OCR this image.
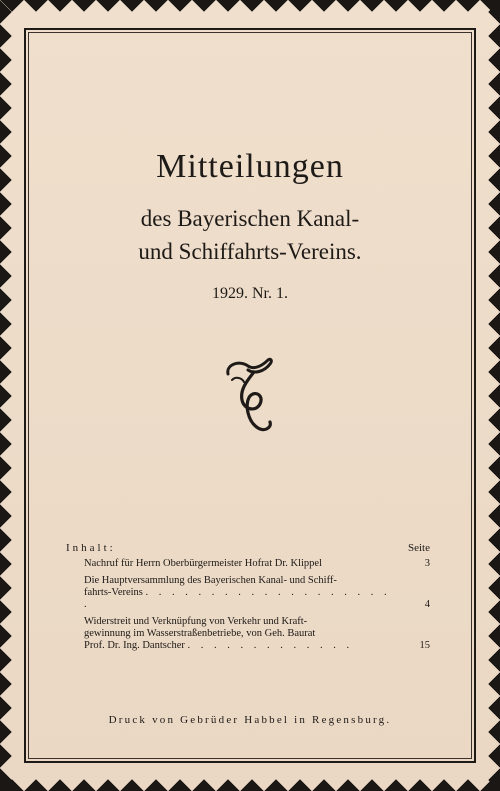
Mitteilungen
des Bayerischen Kanal-
und Schiffahrts-Vereins.
1929. Nr. 1.
Inhalt:	Seite
Nachruf für Herrn Oberbürgermeister Hofrat Dr. Klippel	3
Die Hauptversammlung des Bayerischen Kanal- und Schiff-
fahrts-Vereins . . . . . . . . . . . . . . . . . . . .	4
Widerstreit und Verknüpfung von Verkehr und Kraft-
gewinnung im Wasserstraßenbetriebe, von Geh. Baurat
Prof. Dr. Ing. Dantscher . . . . . . . . . . . . .	15
Druck von Gebrüder Habbel in Regensburg.
